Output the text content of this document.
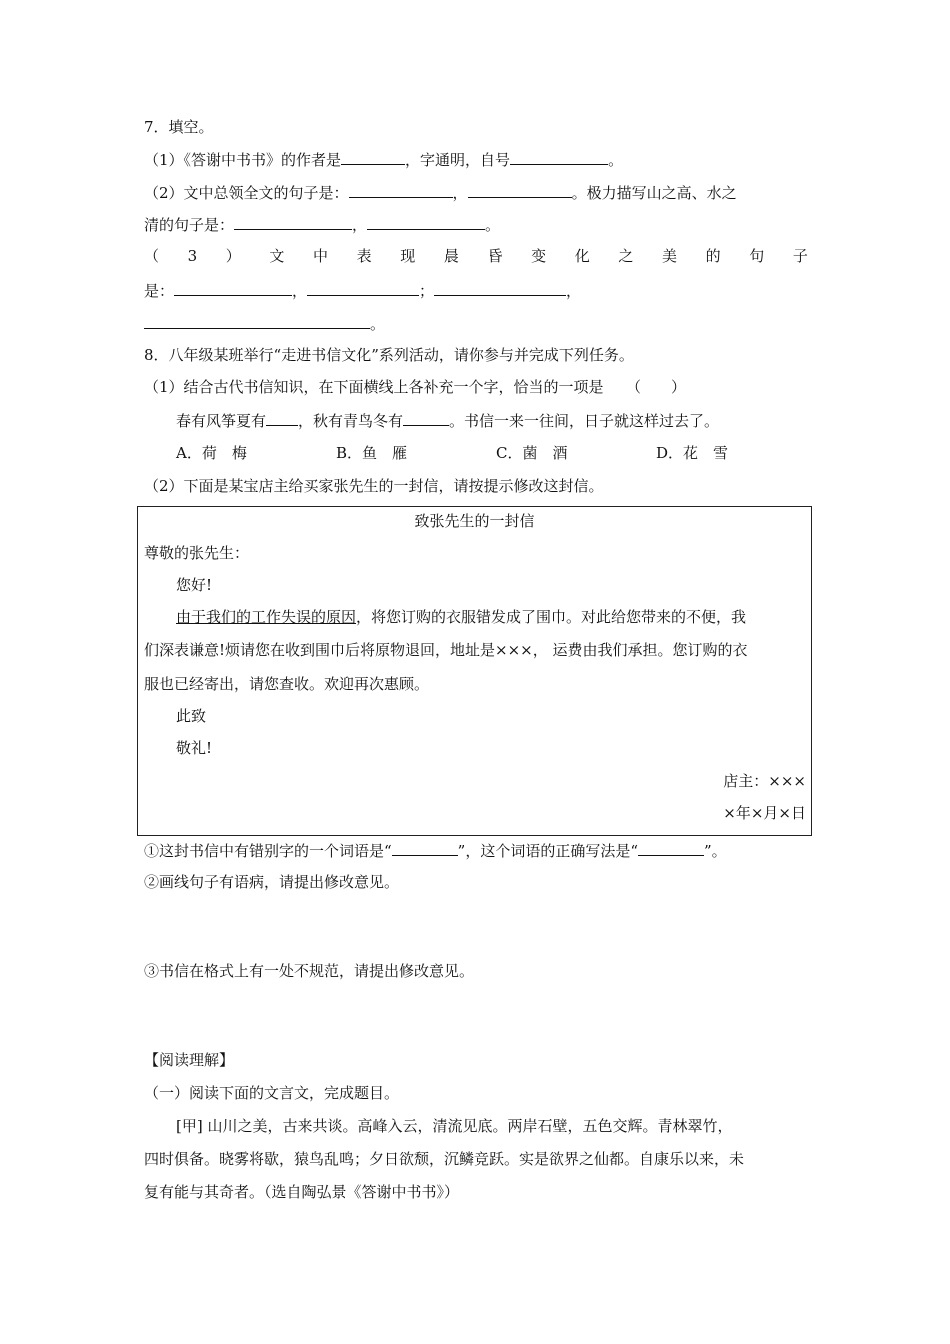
7．填空。
（1）《答谢中书书》的作者是	，字通明，自号	。
（2）文中总领全文的句子是：	，	。极力描写山之高、水之
清的句子是：	，	。
（ 3 ） 文 中 表 现 晨 昏 变 化 之 美 的 句 子
是：	，	；	，
。
8．八年级某班举行“走进书信文化”系列活动，请你参与并完成下列任务。
（1）结合古代书信知识，在下面横线上各补充一个字，恰当的一项是　　（　　）
春有风筝夏有 ，秋有青鸟冬有	。书信一来一往间，日子就这样过去了。
A．荷　梅	B．鱼　雁	C．菌　酒	D．花　雪
（2）下面是某宝店主给买家张先生的一封信，请按提示修改这封信。
致张先生的一封信
尊敬的张先生：
您好!
由于我们的工作失误的原因，将您订购的衣服错发成了围巾。对此给您带来的不便，我
们深表谦意!烦请您在收到围巾后将原物退回，地址是×××， 运费由我们承担。您订购的衣
服也已经寄出，请您查收。欢迎再次惠顾。
此致
敬礼!
店主：×××
×年×月×日
①这封书信中有错别字的一个词语是“	”，这个词语的正确写法是“	”。
②画线句子有语病，请提出修改意见。
③书信在格式上有一处不规范，请提出修改意见。
【阅读理解】
（一）阅读下面的文言文，完成题目。
[甲] 山川之美，古来共谈。高峰入云，清流见底。两岸石壁，五色交辉。青林翠竹，
四时俱备。晓雾将歇，猿鸟乱鸣；夕日欲颓，沉鳞竞跃。实是欲界之仙都。自康乐以来，未
复有能与其奇者。（选自陶弘景《答谢中书书》）
